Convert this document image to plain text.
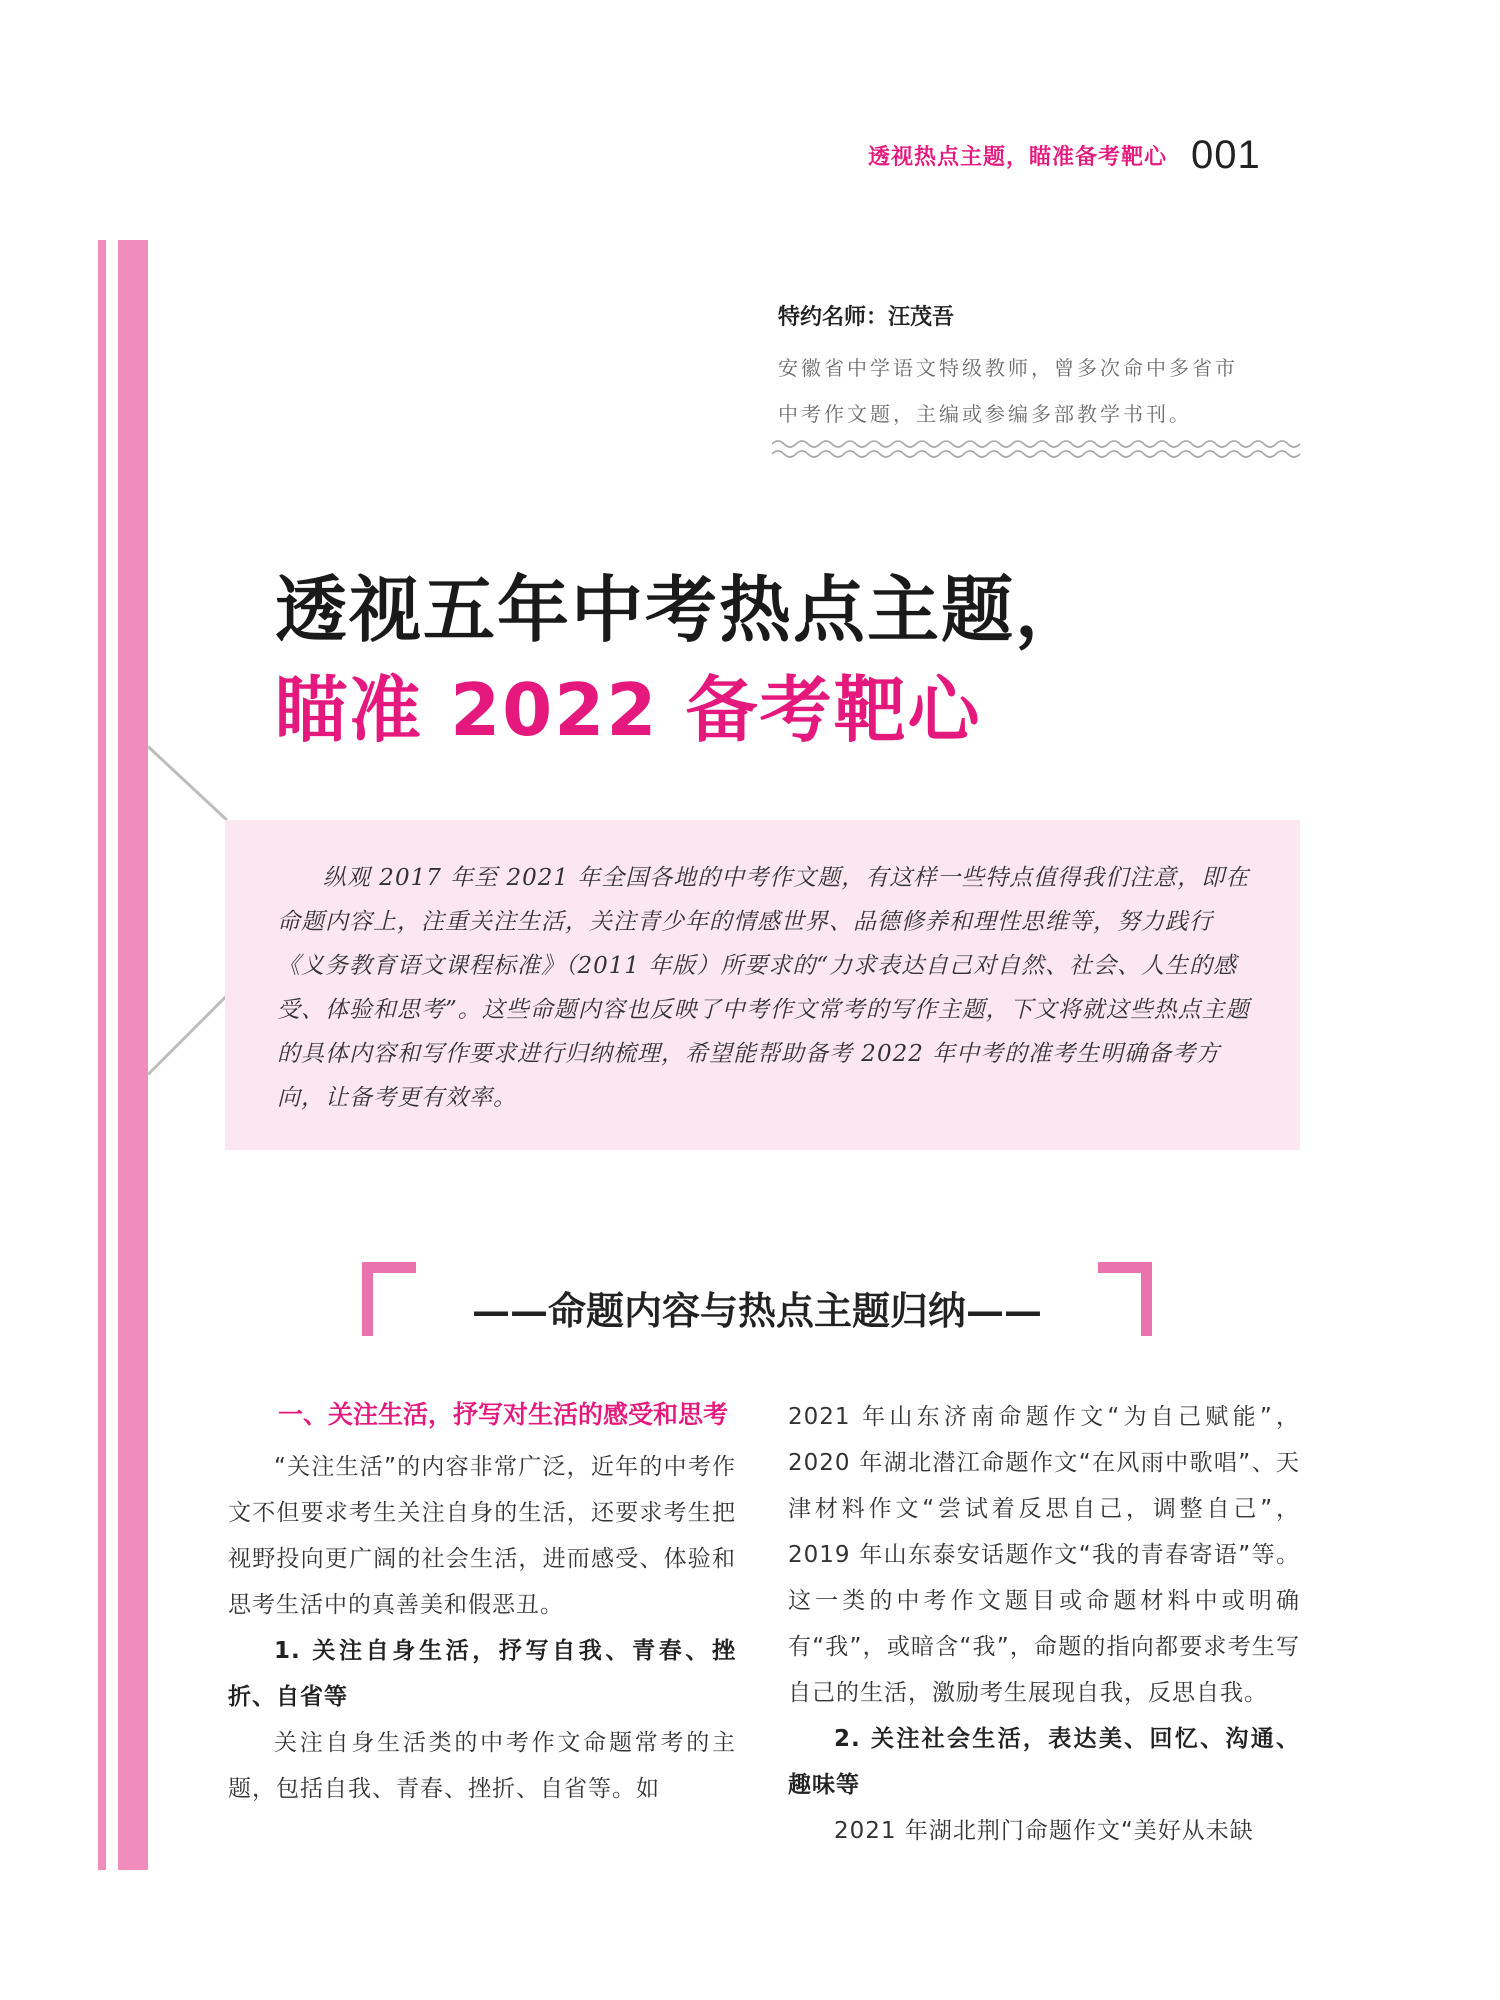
透视热点主题，瞄准备考靶心 001
特约名师：汪茂吾
安徽省中学语文特级教师，曾多次命中多省市
中考作文题，主编或参编多部教学书刊。
透视五年中考热点主题，
瞄准 2022 备考靶心

纵观 2017 年至 2021 年全国各地的中考作文题，有这样一些特点值得我们注意，即在命题内容上，注重关注生活，关注青少年的情感世界、品德修养和理性思维等，努力践行《义务教育语文课程标准》（2011 年版）所要求的“力求表达自己对自然、社会、人生的感受、体验和思考”。这些命题内容也反映了中考作文常考的写作主题，下文将就这些热点主题的具体内容和写作要求进行归纳梳理，希望能帮助备考 2022 年中考的准考生明确备考方向，让备考更有效率。

——命题内容与热点主题归纳——
一、关注生活，抒写对生活的感受和思考

“关注生活”的内容非常广泛，近年的中考作文不但要求考生关注自身的生活，还要求考生把视野投向更广阔的社会生活，进而感受、体验和思考生活中的真善美和假恶丑。

1. 关注自身生活，抒写自我、青春、挫折、自省等

关注自身生活类的中考作文命题常考的主题，包括自我、青春、挫折、自省等。如

2021 年山东济南命题作文“为自己赋能”，2020 年湖北潜江命题作文“在风雨中歌唱”、天津材料作文“尝试着反思自己，调整自己”，2019 年山东泰安话题作文“我的青春寄语”等。这一类的中考作文题目或命题材料中或明确有“我”，或暗含“我”，命题的指向都要求考生写自己的生活，激励考生展现自我，反思自我。

2. 关注社会生活，表达美、回忆、沟通、趣味等

2021 年湖北荆门命题作文“美好从未缺
